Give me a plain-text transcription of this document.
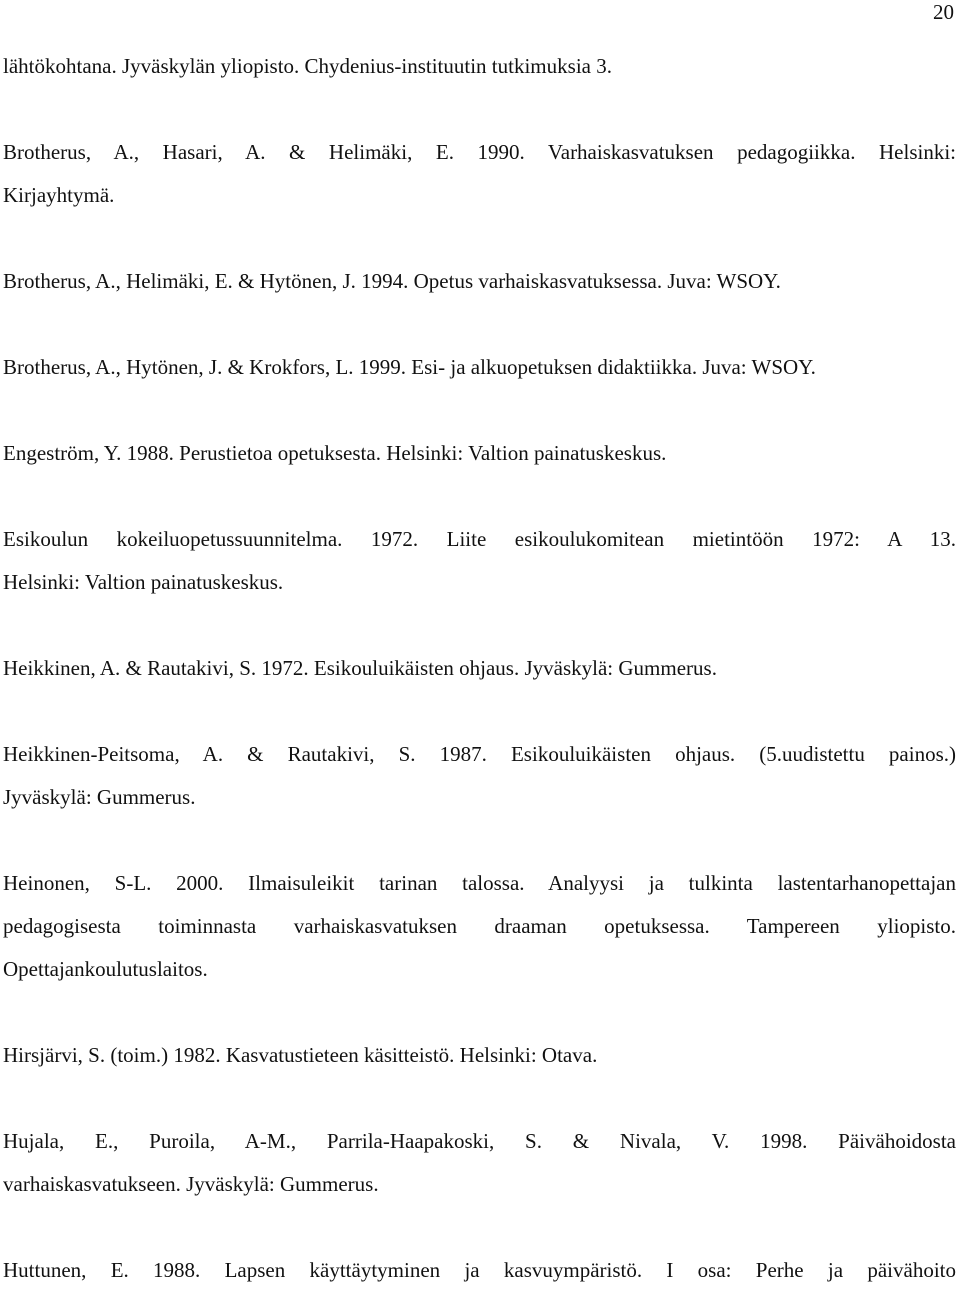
20
lähtökohtana. Jyväskylän yliopisto. Chydenius-instituutin tutkimuksia 3.
Brotherus, A., Hasari, A. & Helimäki, E. 1990. Varhaiskasvatuksen pedagogiikka. Helsinki:
Kirjayhtymä.
Brotherus, A., Helimäki, E. & Hytönen, J. 1994. Opetus varhaiskasvatuksessa. Juva: WSOY.
Brotherus, A., Hytönen, J. & Krokfors, L. 1999. Esi- ja alkuopetuksen didaktiikka. Juva: WSOY.
Engeström, Y. 1988. Perustietoa opetuksesta. Helsinki: Valtion painatuskeskus.
Esikoulun kokeiluopetussuunnitelma. 1972. Liite esikoulukomitean mietintöön 1972: A 13.
Helsinki: Valtion painatuskeskus.
Heikkinen, A. & Rautakivi, S. 1972. Esikouluikäisten ohjaus. Jyväskylä: Gummerus.
Heikkinen-Peitsoma, A. & Rautakivi, S. 1987. Esikouluikäisten ohjaus. (5.uudistettu painos.)
Jyväskylä: Gummerus.
Heinonen, S-L. 2000. Ilmaisuleikit tarinan talossa. Analyysi ja tulkinta lastentarhanopettajan
pedagogisesta toiminnasta varhaiskasvatuksen draaman opetuksessa. Tampereen yliopisto.
Opettajankoulutuslaitos.
Hirsjärvi, S. (toim.) 1982. Kasvatustieteen käsitteistö. Helsinki: Otava.
Hujala, E., Puroila, A-M., Parrila-Haapakoski, S. & Nivala, V. 1998. Päivähoidosta
varhaiskasvatukseen. Jyväskylä: Gummerus.
Huttunen, E. 1988. Lapsen käyttäytyminen ja kasvuympäristö. I osa: Perhe ja päivähoito
